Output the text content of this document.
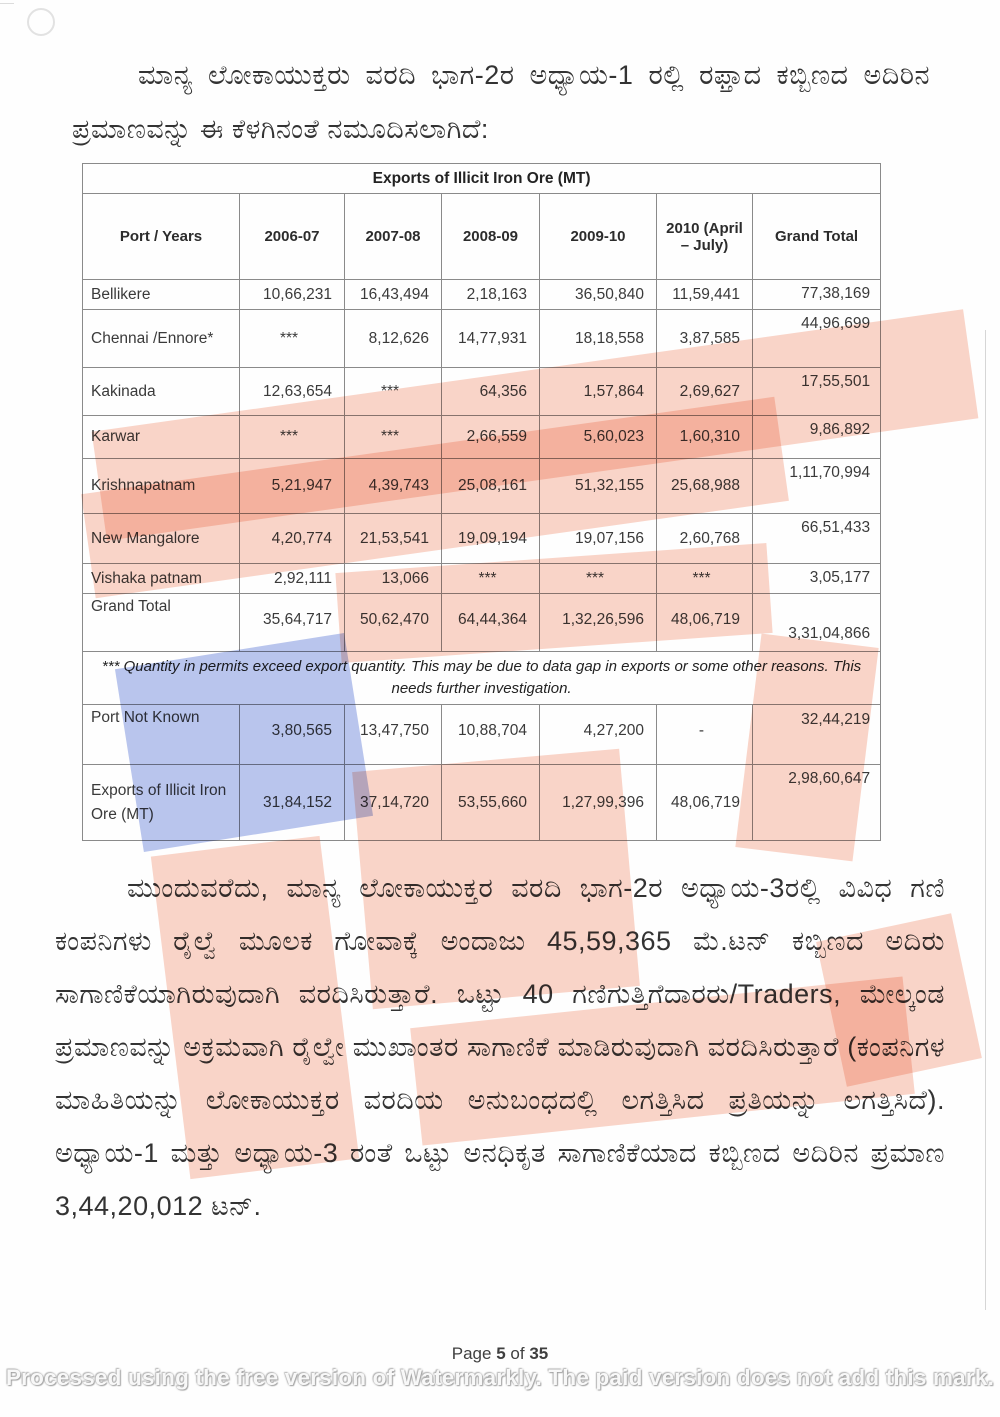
ಮಾನ್ಯ ಲೋಕಾಯುಕ್ತರು ವರದಿ ಭಾಗ-2ರ ಅಧ್ಯಾಯ-1 ರಲ್ಲಿ ರಫ್ತಾದ ಕಬ್ಬಿಣದ ಅದಿರಿನ ಪ್ರಮಾಣವನ್ನು ಈ ಕೆಳಗಿನಂತೆ ನಮೂದಿಸಲಾಗಿದೆ:
Exports of Illicit Iron Ore (MT)						
Port / Years	2006-07	2007-08	2008-09	2009-10	2010 (April – July)	Grand Total
Bellikere	10,66,231	16,43,494	2,18,163	36,50,840	11,59,441	77,38,169
Chennai /Ennore*	***	8,12,626	14,77,931	18,18,558	3,87,585	44,96,699
Kakinada	12,63,654	***	64,356	1,57,864	2,69,627	17,55,501
Karwar	***	***	2,66,559	5,60,023	1,60,310	9,86,892
Krishnapatnam	5,21,947	4,39,743	25,08,161	51,32,155	25,68,988	1,11,70,994
New Mangalore	4,20,774	21,53,541	19,09,194	19,07,156	2,60,768	66,51,433
Vishaka patnam	2,92,111	13,066	***	***	***	3,05,177
Grand Total	35,64,717	50,62,470	64,44,364	1,32,26,596	48,06,719	3,31,04,866
*** Quantity in permits exceed export quantity. This may be due to data gap in exports or some other reasons. This needs further investigation.						
Port Not Known	3,80,565	13,47,750	10,88,704	4,27,200	-	32,44,219
Exports of Illicit Iron Ore (MT)	31,84,152	37,14,720	53,55,660	1,27,99,396	48,06,719	2,98,60,647
ಮುಂದುವರೆದು, ಮಾನ್ಯ ಲೋಕಾಯುಕ್ತರ ವರದಿ ಭಾಗ-2ರ ಅಧ್ಯಾಯ-3ರಲ್ಲಿ ವಿವಿಧ ಗಣಿ ಕಂಪನಿಗಳು ರೈಲ್ವೆ ಮೂಲಕ ಗೋವಾಕ್ಕೆ ಅಂದಾಜು 45,59,365 ಮೆ.ಟನ್ ಕಬ್ಬಿಣದ ಅದಿರು ಸಾಗಾಣಿಕೆಯಾಗಿರುವುದಾಗಿ ವರದಿಸಿರುತ್ತಾರೆ. ಒಟ್ಟು 40 ಗಣಿಗುತ್ತಿಗೆದಾರರು/Traders, ಮೇಲ್ಕಂಡ ಪ್ರಮಾಣವನ್ನು ಅಕ್ರಮವಾಗಿ ರೈಲ್ವೇ ಮುಖಾಂತರ ಸಾಗಾಣಿಕೆ ಮಾಡಿರುವುದಾಗಿ ವರದಿಸಿರುತ್ತಾರೆ (ಕಂಪನಿಗಳ ಮಾಹಿತಿಯನ್ನು ಲೋಕಾಯುಕ್ತರ ವರದಿಯ ಅನುಬಂಧದಲ್ಲಿ ಲಗತ್ತಿಸಿದ ಪ್ರತಿಯನ್ನು ಲಗತ್ತಿಸಿದೆ). ಅಧ್ಯಾಯ-1 ಮತ್ತು ಅಧ್ಯಾಯ-3 ರಂತೆ ಒಟ್ಟು ಅನಧಿಕೃತ ಸಾಗಾಣಿಕೆಯಾದ ಕಬ್ಬಿಣದ ಅದಿರಿನ ಪ್ರಮಾಣ 3,44,20,012 ಟನ್.
Page 5 of 35
Processed using the free version of Watermarkly. The paid version does not add this mark.
